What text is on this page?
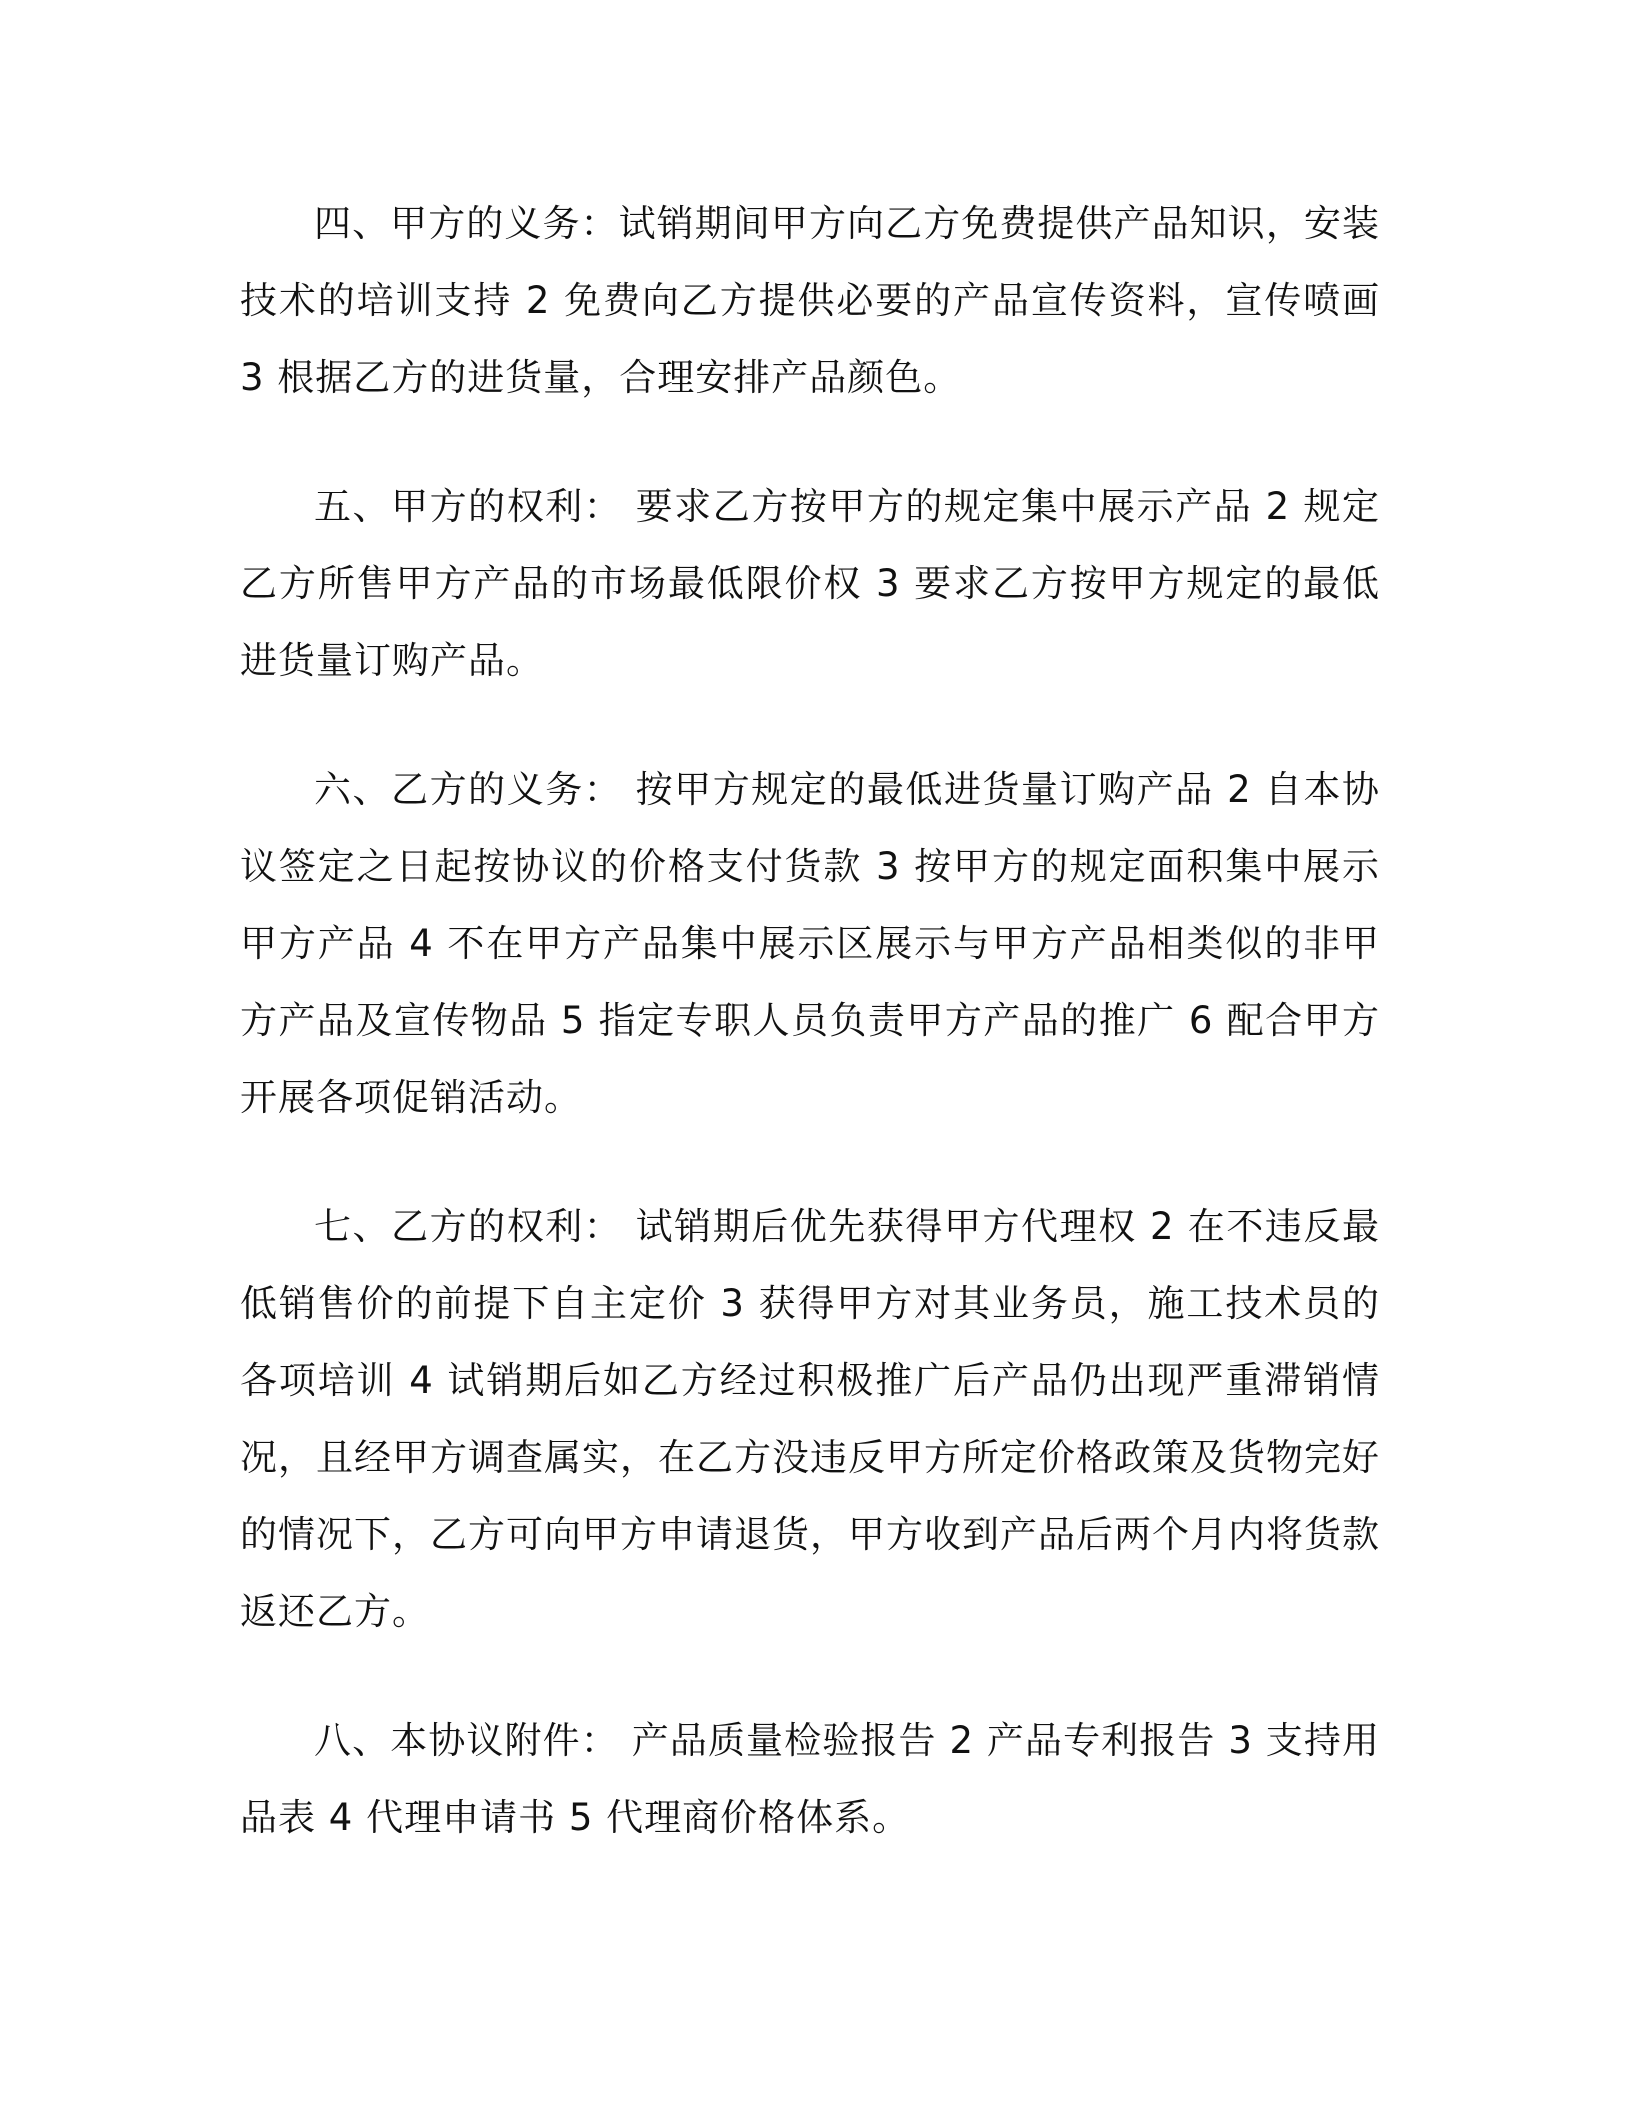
四、甲方的义务：试销期间甲方向乙方免费提供产品知识，安装技术的培训支持 2 免费向乙方提供必要的产品宣传资料，宣传喷画 3 根据乙方的进货量，合理安排产品颜色。

五、甲方的权利： 要求乙方按甲方的规定集中展示产品 2 规定乙方所售甲方产品的市场最低限价权 3 要求乙方按甲方规定的最低进货量订购产品。

六、乙方的义务： 按甲方规定的最低进货量订购产品 2 自本协议签定之日起按协议的价格支付货款 3 按甲方的规定面积集中展示甲方产品 4 不在甲方产品集中展示区展示与甲方产品相类似的非甲方产品及宣传物品 5 指定专职人员负责甲方产品的推广 6 配合甲方开展各项促销活动。

七、乙方的权利： 试销期后优先获得甲方代理权 2 在不违反最低销售价的前提下自主定价 3 获得甲方对其业务员，施工技术员的各项培训 4 试销期后如乙方经过积极推广后产品仍出现严重滞销情况，且经甲方调查属实，在乙方没违反甲方所定价格政策及货物完好的情况下，乙方可向甲方申请退货，甲方收到产品后两个月内将货款返还乙方。

八、本协议附件： 产品质量检验报告 2 产品专利报告 3 支持用品表 4 代理申请书 5 代理商价格体系。
